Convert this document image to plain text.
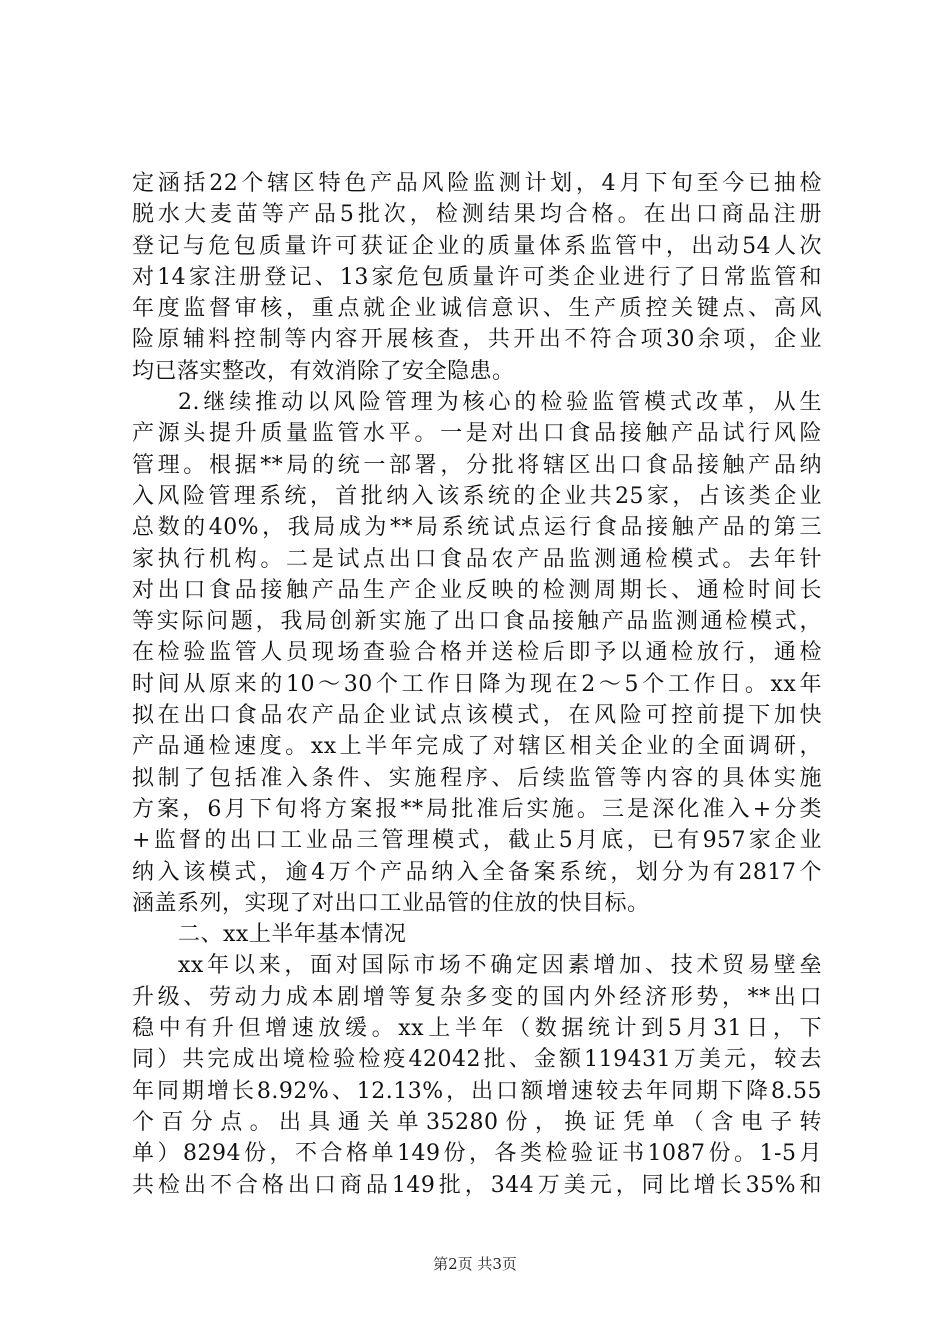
定涵括22个辖区特色产品风险监测计划，4月下旬至今已抽检
脱水大麦苗等产品5批次，检测结果均合格。在出口商品注册
登记与危包质量许可获证企业的质量体系监管中，出动54人次
对14家注册登记、13家危包质量许可类企业进行了日常监管和
年度监督审核，重点就企业诚信意识、生产质控关键点、高风
险原辅料控制等内容开展核查，共开出不符合项30余项，企业
均已落实整改，有效消除了安全隐患。
2.继续推动以风险管理为核心的检验监管模式改革，从生
产源头提升质量监管水平。一是对出口食品接触产品试行风险
管理。根据**局的统一部署，分批将辖区出口食品接触产品纳
入风险管理系统，首批纳入该系统的企业共25家，占该类企业
总数的40%，我局成为**局系统试点运行食品接触产品的第三
家执行机构。二是试点出口食品农产品监测通检模式。去年针
对出口食品接触产品生产企业反映的检测周期长、通检时间长
等实际问题，我局创新实施了出口食品接触产品监测通检模式，
在检验监管人员现场查验合格并送检后即予以通检放行，通检
时间从原来的10～30个工作日降为现在2～5个工作日。xx年
拟在出口食品农产品企业试点该模式，在风险可控前提下加快
产品通检速度。xx上半年完成了对辖区相关企业的全面调研，
拟制了包括准入条件、实施程序、后续监管等内容的具体实施
方案，6月下旬将方案报**局批准后实施。三是深化准入+分类
+监督的出口工业品三管理模式，截止5月底，已有957家企业
纳入该模式，逾4万个产品纳入全备案系统，划分为有2817个
涵盖系列，实现了对出口工业品管的住放的快目标。
二、xx上半年基本情况
xx年以来，面对国际市场不确定因素增加、技术贸易壁垒
升级、劳动力成本剧增等复杂多变的国内外经济形势，**出口
稳中有升但增速放缓。xx上半年（数据统计到5月31日，下
同）共完成出境检验检疫42042批、金额119431万美元，较去
年同期增长8.92%、12.13%，出口额增速较去年同期下降8.55
个百分点。出具通关单35280份，换证凭单（含电子转
单）8294份，不合格单149份，各类检验证书1087份。1-5月
共检出不合格出口商品149批，344万美元，同比增长35%和
第2页 共3页
